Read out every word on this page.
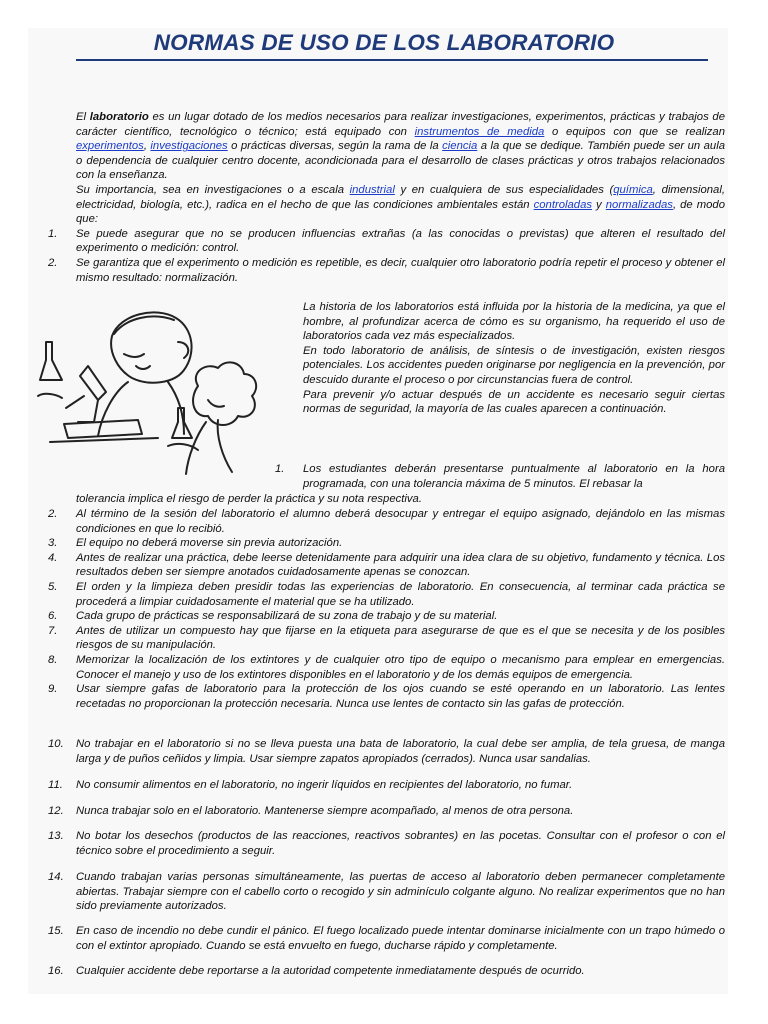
NORMAS DE USO DE LOS LABORATORIO

El laboratorio es un lugar dotado de los medios necesarios para realizar investigaciones, experimentos, prácticas y trabajos de carácter científico, tecnológico o técnico; está equipado con instrumentos de medida o equipos con que se realizan experimentos, investigaciones o prácticas diversas, según la rama de la ciencia a la que se dedique. También puede ser un aula o dependencia de cualquier centro docente, acondicionada para el desarrollo de clases prácticas y otros trabajos relacionados con la enseñanza.

Su importancia, sea en investigaciones o a escala industrial y en cualquiera de sus especialidades (química, dimensional, electricidad, biología, etc.), radica en el hecho de que las condiciones ambientales están controladas y normalizadas, de modo que:

1.	Se puede asegurar que no se producen influencias extrañas (a las conocidas o previstas) que alteren el resultado del experimento o medición: control.
2.	Se garantiza que el experimento o medición es repetible, es decir, cualquier otro laboratorio podría repetir el proceso y obtener el mismo resultado: normalización.

La historia de los laboratorios está influida por la historia de la medicina, ya que el hombre, al profundizar acerca de cómo es su organismo, ha requerido el uso de laboratorios cada vez más especializados.

En todo laboratorio de análisis, de síntesis o de investigación, existen riesgos potenciales. Los accidentes pueden originarse por negligencia en la prevención, por descuido durante el proceso o por circunstancias fuera de control.

Para prevenir y/o actuar después de un accidente es necesario seguir ciertas normas de seguridad, la mayoría de las cuales aparecen a continuación.

1.	Los estudiantes deberán presentarse puntualmente al laboratorio en la hora programada, con una tolerancia máxima de 5 minutos. El rebasar la

tolerancia implica el riesgo de perder la práctica y su nota respectiva.

2.	Al término de la sesión del laboratorio el alumno deberá desocupar y entregar el equipo asignado, dejándolo en las mismas condiciones en que lo recibió.
3.	El equipo no deberá moverse sin previa autorización.
4.	Antes de realizar una práctica, debe leerse detenidamente para adquirir una idea clara de su objetivo, fundamento y técnica. Los resultados deben ser siempre anotados cuidadosamente apenas se conozcan.
5.	El orden y la limpieza deben presidir todas las experiencias de laboratorio. En consecuencia, al terminar cada práctica se procederá a limpiar cuidadosamente el material que se ha utilizado.
6.	Cada grupo de prácticas se responsabilizará de su zona de trabajo y de su material.
7.	Antes de utilizar un compuesto hay que fijarse en la etiqueta para asegurarse de que es el que se necesita y de los posibles riesgos de su manipulación.
8.	Memorizar la localización de los extintores y de cualquier otro tipo de equipo o mecanismo para emplear en emergencias. Conocer el manejo y uso de los extintores disponibles en el laboratorio y de los demás equipos de emergencia.
9.	Usar siempre gafas de laboratorio para la protección de los ojos cuando se esté operando en un laboratorio. Las lentes recetadas no proporcionan la protección necesaria. Nunca use lentes de contacto sin las gafas de protección.
10.	No trabajar en el laboratorio si no se lleva puesta una bata de laboratorio, la cual debe ser amplia, de tela gruesa, de manga larga y de puños ceñidos y limpia. Usar siempre zapatos apropiados (cerrados). Nunca usar sandalias.
11.	No consumir alimentos en el laboratorio, no ingerir líquidos en recipientes del laboratorio, no fumar.
12.	Nunca trabajar solo en el laboratorio. Mantenerse siempre acompañado, al menos de otra persona.
13.	No botar los desechos (productos de las reacciones, reactivos sobrantes) en las pocetas. Consultar con el profesor o con el técnico sobre el procedimiento a seguir.
14.	Cuando trabajan varias personas simultáneamente, las puertas de acceso al laboratorio deben permanecer completamente abiertas. Trabajar siempre con el cabello corto o recogido y sin adminículo colgante alguno. No realizar experimentos que no han sido previamente autorizados.
15.	En caso de incendio no debe cundir el pánico. El fuego localizado puede intentar dominarse inicialmente con un trapo húmedo o con el extintor apropiado. Cuando se está envuelto en fuego, ducharse rápido y completamente.
16.	Cualquier accidente debe reportarse a la autoridad competente inmediatamente después de ocurrido.
